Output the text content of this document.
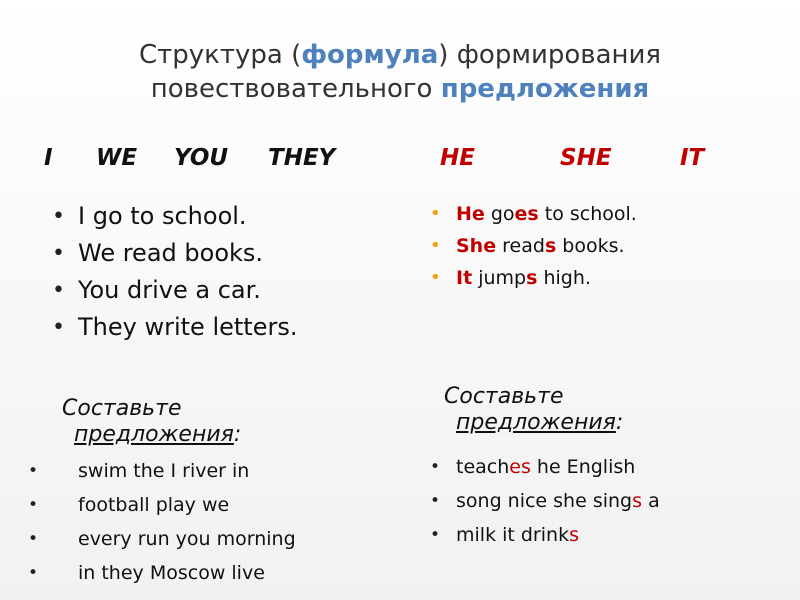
Структура (формула) формирования
повествовательного предложения
I WE YOU THEY	HE	SHE	IT
• I go to school.
• We read books.
• You drive a car.
• They write letters.
• He goes to school.
• She reads books.
• It jumps high.
Составьте
предложения:
• swim the I river in
• football play we
• every run you morning
• in they Moscow live
Составьте
предложения:
• teaches he English
• song nice she sings a
• milk it drinks
